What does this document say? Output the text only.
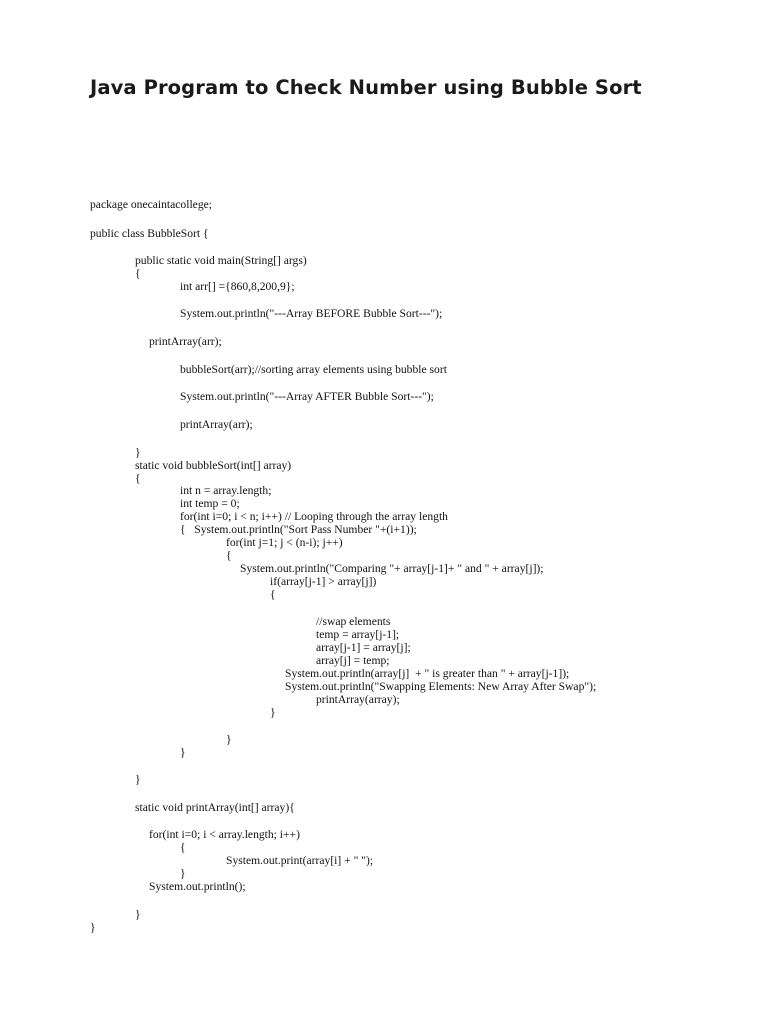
Java Program to Check Number using Bubble Sort
package onecaintacollege;
public class BubbleSort {
public static void main(String[] args)
{
int arr[] ={860,8,200,9};
System.out.println("---Array BEFORE Bubble Sort---");
printArray(arr);
bubbleSort(arr);//sorting array elements using bubble sort
System.out.println("---Array AFTER Bubble Sort---");
printArray(arr);
}
static void bubbleSort(int[] array)
{
int n = array.length;
int temp = 0;
for(int i=0; i < n; i++) // Looping through the array length
{   System.out.println("Sort Pass Number "+(i+1));
for(int j=1; j < (n-i); j++)
{
System.out.println("Comparing "+ array[j-1]+ " and " + array[j]);
if(array[j-1] > array[j])
{
//swap elements
temp = array[j-1];
array[j-1] = array[j];
array[j] = temp;
System.out.println(array[j]  + " is greater than " + array[j-1]);
System.out.println("Swapping Elements: New Array After Swap");
printArray(array);
}
}
}
}
static void printArray(int[] array){
for(int i=0; i < array.length; i++)
{
System.out.print(array[i] + " ");
}
System.out.println();
}
}
